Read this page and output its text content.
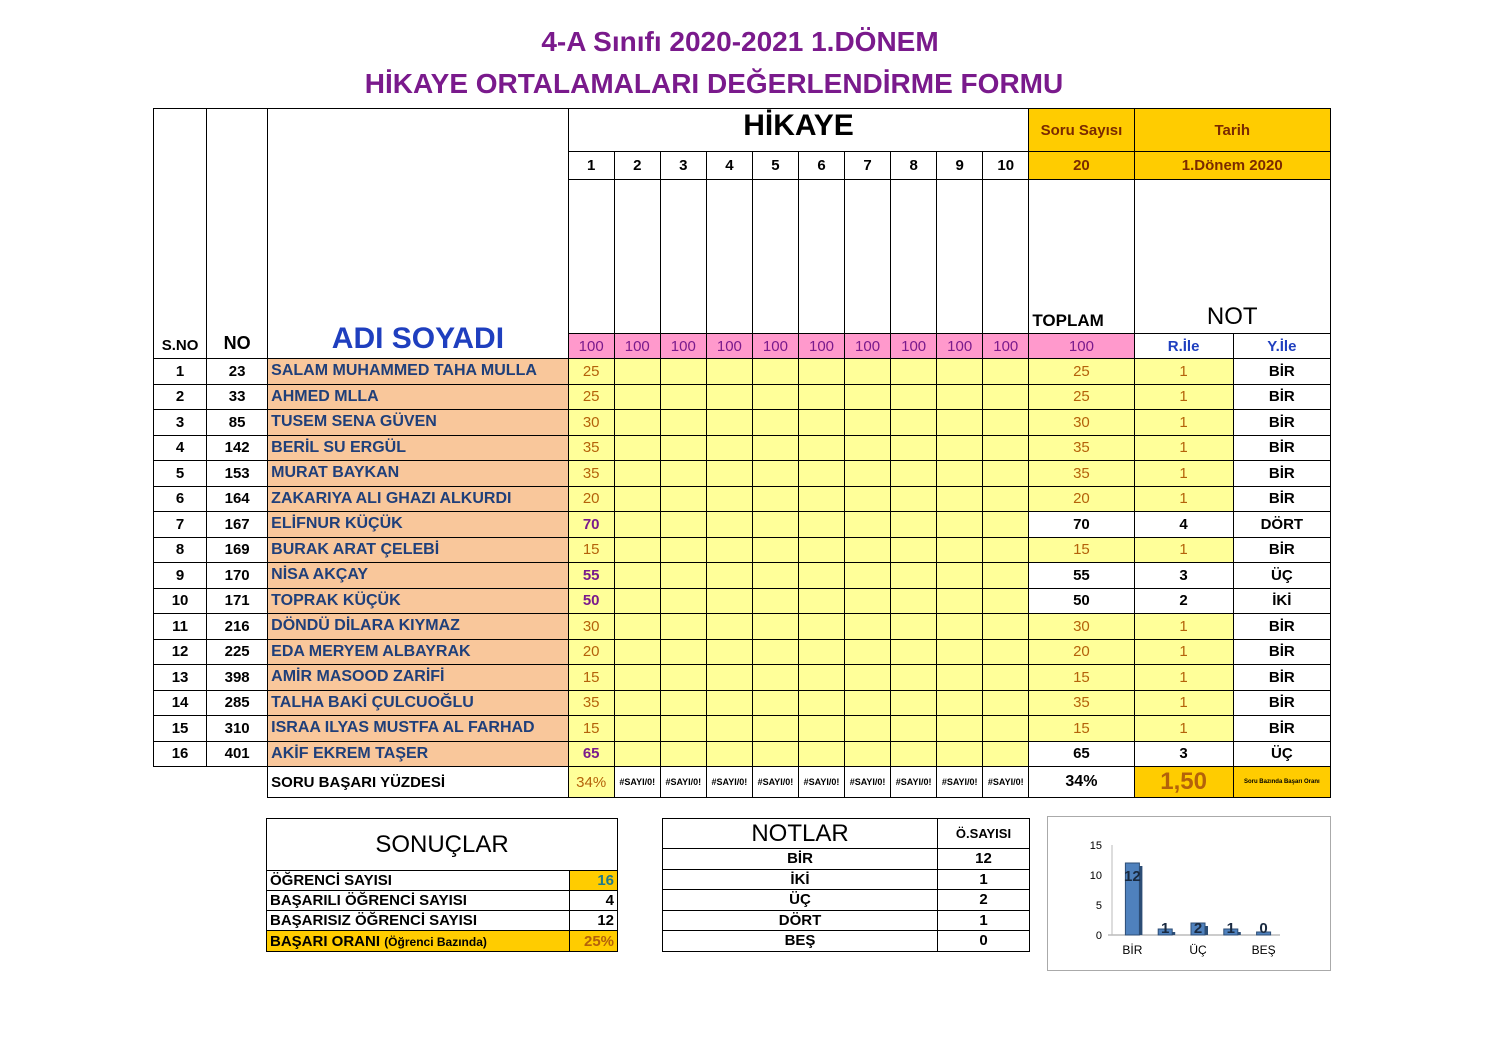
4-A Sınıfı 2020-2021 1.DÖNEM
HİKAYE ORTALAMALARI DEĞERLENDİRME FORMU
S.NO	NO	ADI SOYADI	HİKAYE										Soru Sayısı	Tarih	
			1	2	3	4	5	6	7	8	9	10	20	1.Dönem 2020	
													TOPLAM	NOT	
			100	100	100	100	100	100	100	100	100	100	100	R.İle	Y.İle
1	23	SALAM MUHAMMED TAHA MULLA	25										25	1	BİR
2	33	AHMED MLLA	25										25	1	BİR
3	85	TUSEM SENA GÜVEN	30										30	1	BİR
4	142	BERİL SU ERGÜL	35										35	1	BİR
5	153	MURAT BAYKAN	35										35	1	BİR
6	164	ZAKARIYA ALI GHAZI ALKURDI	20										20	1	BİR
7	167	ELİFNUR KÜÇÜK	70										70	4	DÖRT
8	169	BURAK ARAT ÇELEBİ	15										15	1	BİR
9	170	NİSA AKÇAY	55										55	3	ÜÇ
10	171	TOPRAK KÜÇÜK	50										50	2	İKİ
11	216	DÖNDÜ DİLARA KIYMAZ	30										30	1	BİR
12	225	EDA MERYEM ALBAYRAK	20										20	1	BİR
13	398	AMİR MASOOD ZARİFİ	15										15	1	BİR
14	285	TALHA BAKİ ÇULCUOĞLU	35										35	1	BİR
15	310	ISRAA ILYAS MUSTFA AL FARHAD	15										15	1	BİR
16	401	AKİF EKREM TAŞER	65										65	3	ÜÇ
		SORU BAŞARI YÜZDESİ	34%	#SAYI/0!	#SAYI/0!	#SAYI/0!	#SAYI/0!	#SAYI/0!	#SAYI/0!	#SAYI/0!	#SAYI/0!	#SAYI/0!	34%	1,50	Soru Bazında Başarı Oranı
SONUÇLAR	
ÖĞRENCİ SAYISI	16
BAŞARILI ÖĞRENCİ SAYISI	4
BAŞARISIZ ÖĞRENCİ SAYISI	12
BAŞARI ORANI (Öğrenci Bazında)	25%
NOTLAR	Ö.SAYISI
BİR	12
İKİ	1
ÜÇ	2
DÖRT	1
BEŞ	0	0
5
10
15
12
1 2 1 0
BİR	ÜÇ	BEŞ
